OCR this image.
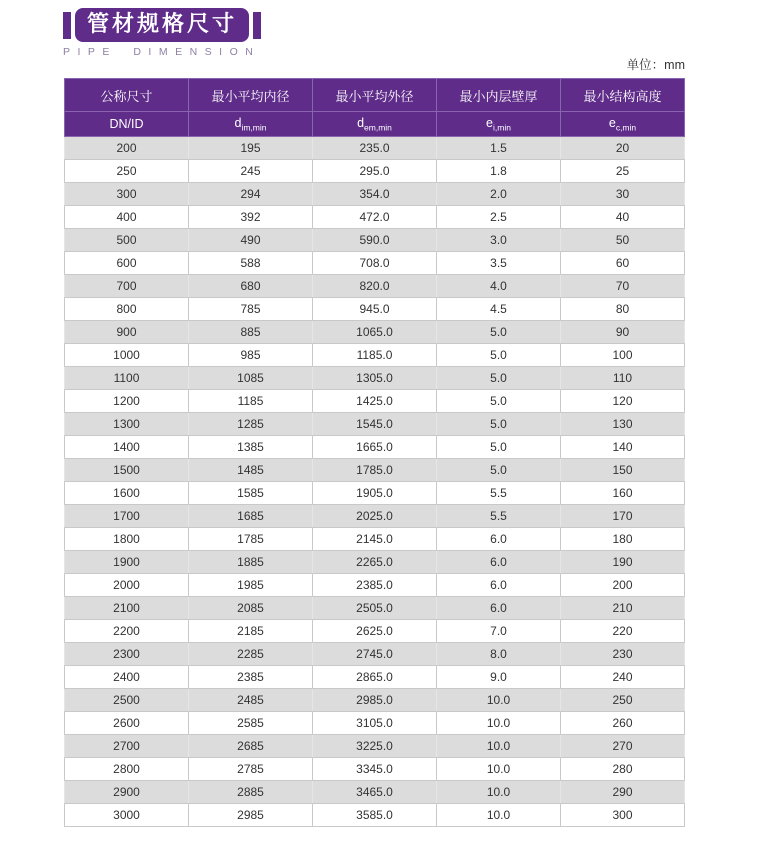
管材规格尺寸
PIPE DIMENSION
单位：mm
公称尺寸	最小平均内径	最小平均外径	最小内层壁厚	最小结构高度
DN/ID	$d_{im,min}$	$d_{em,min}$	$e_{i,min}$	$e_{c,min}$
200	195	235.0	1.5	20
250	245	295.0	1.8	25
300	294	354.0	2.0	30
400	392	472.0	2.5	40
500	490	590.0	3.0	50
600	588	708.0	3.5	60
700	680	820.0	4.0	70
800	785	945.0	4.5	80
900	885	1065.0	5.0	90
1000	985	1185.0	5.0	100
1100	1085	1305.0	5.0	110
1200	1185	1425.0	5.0	120
1300	1285	1545.0	5.0	130
1400	1385	1665.0	5.0	140
1500	1485	1785.0	5.0	150
1600	1585	1905.0	5.5	160
1700	1685	2025.0	5.5	170
1800	1785	2145.0	6.0	180
1900	1885	2265.0	6.0	190
2000	1985	2385.0	6.0	200
2100	2085	2505.0	6.0	210
2200	2185	2625.0	7.0	220
2300	2285	2745.0	8.0	230
2400	2385	2865.0	9.0	240
2500	2485	2985.0	10.0	250
2600	2585	3105.0	10.0	260
2700	2685	3225.0	10.0	270
2800	2785	3345.0	10.0	280
2900	2885	3465.0	10.0	290
3000	2985	3585.0	10.0	300
